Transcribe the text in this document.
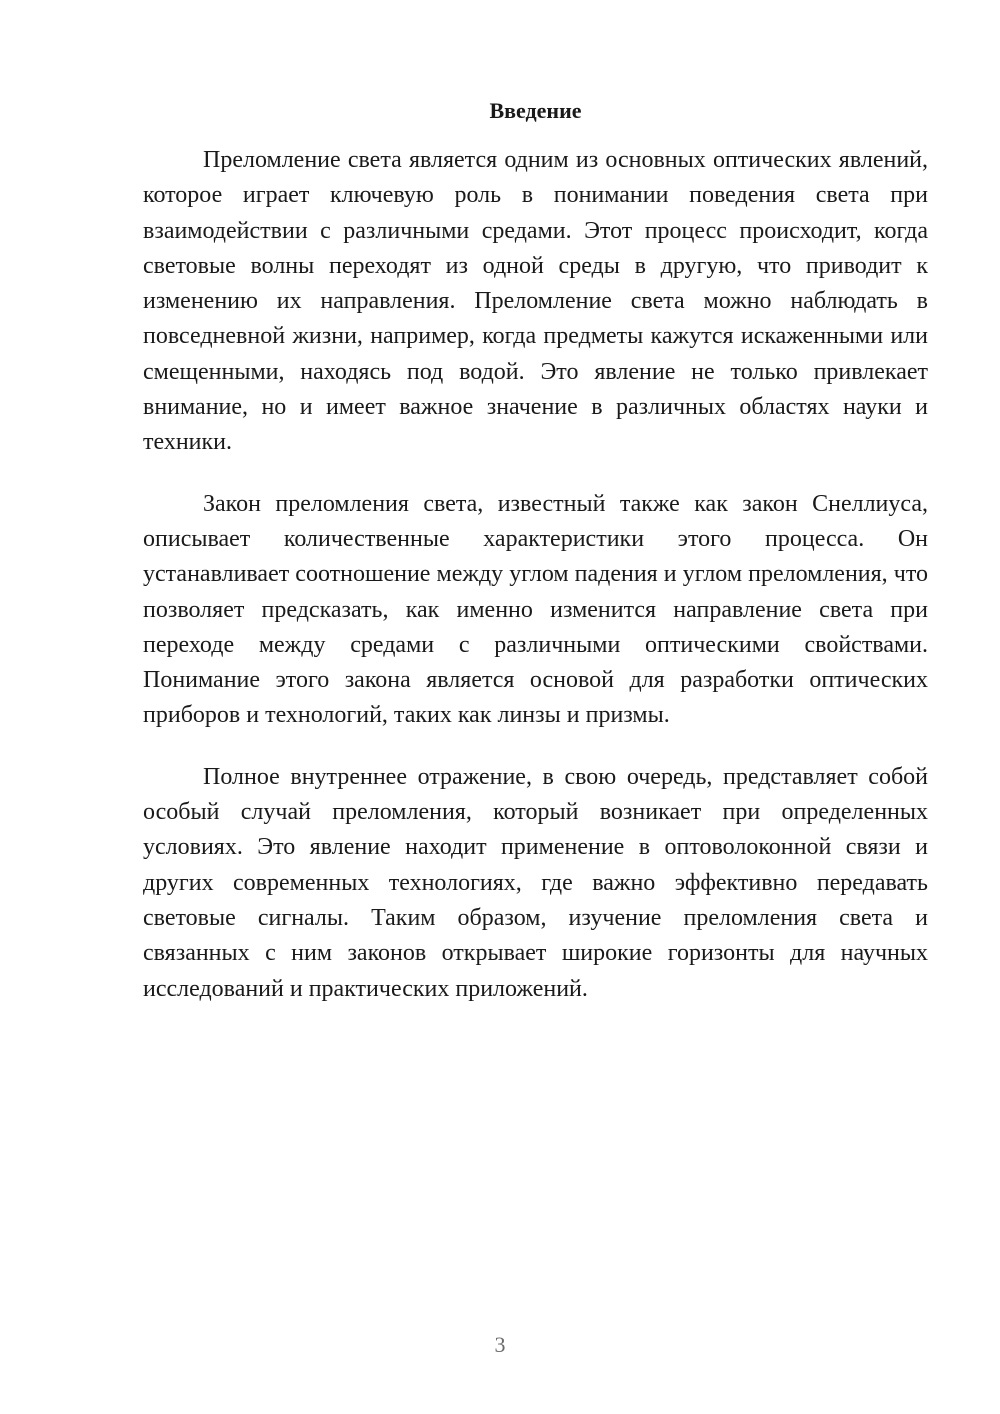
Введение

Преломление света является одним из основных оптических явлений, которое играет ключевую роль в понимании поведения света при взаимодействии с различными средами. Этот процесс происходит, когда световые волны переходят из одной среды в другую, что приводит к изменению их направления. Преломление света можно наблюдать в повседневной жизни, например, когда предметы кажутся искаженными или смещенными, находясь под водой. Это явление не только привлекает внимание, но и имеет важное значение в различных областях науки и техники.

Закон преломления света, известный также как закон Снеллиуса, описывает количественные характеристики этого процесса. Он устанавливает соотношение между углом падения и углом преломления, что позволяет предсказать, как именно изменится направление света при переходе между средами с различными оптическими свойствами. Понимание этого закона является основой для разработки оптических приборов и технологий, таких как линзы и призмы.

Полное внутреннее отражение, в свою очередь, представляет собой особый случай преломления, который возникает при определенных условиях. Это явление находит применение в оптоволоконной связи и других современных технологиях, где важно эффективно передавать световые сигналы. Таким образом, изучение преломления света и связанных с ним законов открывает широкие горизонты для научных исследований и практических приложений.

3
